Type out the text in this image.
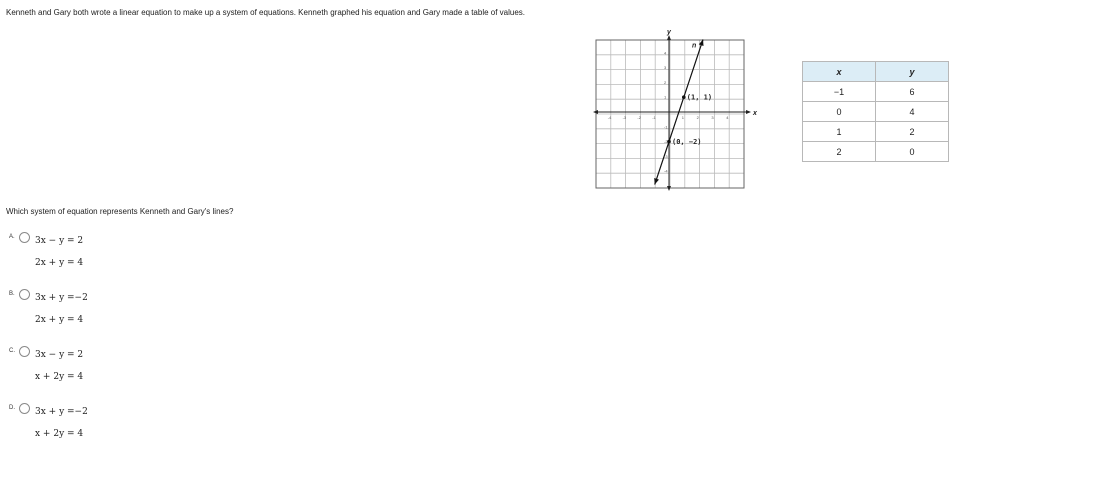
Kenneth and Gary both wrote a linear equation to make up a system of equations. Kenneth graphed his equation and Gary made a table of values.
x
y
-4	-3	-2	-1	1	2	3	4
4
3
2
1
-1
-2
-3
-4
n
(1, 1)
(0, −2)
x	y
−1	6
0	4
1	2
2	0
Which system of equation represents Kenneth and Gary's lines?
A. 3x − y = 2
2x + y = 4
B. 3x + y =−2
2x + y = 4
C. 3x − y = 2
x + 2y = 4
D. 3x + y =−2
x + 2y = 4
